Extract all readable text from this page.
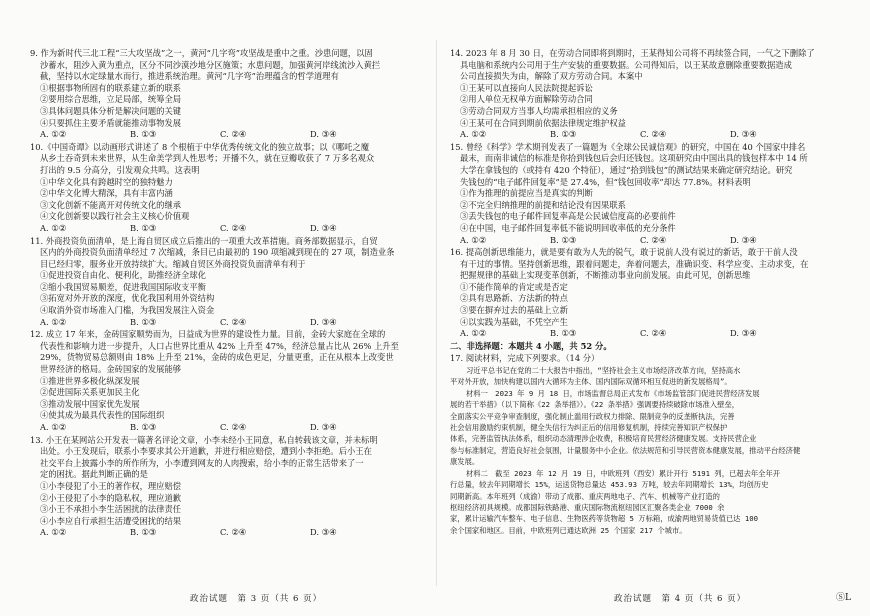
9. 作为新时代三北工程“三大攻坚战”之一，黄河“几字弯”攻坚战是重中之重。沙患问题，以固
沙蓄水，阻沙入黄为重点，区分不同沙漠沙地分区施策；水患问题，加强黄河岸线流沙入黄拦
截，坚持以水定绿量水而行，推进系统治理。黄河“几字弯”治理蕴含的哲学道理有
①根据事物所固有的联系建立新的联系
②要用综合思维，立足局部，统筹全局
③具体问题具体分析是解决问题的关键
④只要抓住主要矛盾就能推动事物发展
A. ①②	B. ①③	C. ②④	D. ③④
10.《中国奇谭》以动画形式讲述了 8 个根植于中华优秀传统文化的独立故事；以《哪吒之魔
从乡土吞奇到未来世界，从生命美学到人性思考；开播不久，就在豆瓣收获了 7 万多名观众
打出的 9.5 分高分，引发观众共鸣。这表明
①中华文化具有跨越时空的独特魅力
②中华文化博大精深，具有丰富内涵
③文化创新不能离开对传统文化的继承
④文化创新要以践行社会主义核心价值观
A. ①②	B. ①③	C. ②④	D. ③④
11. 外商投资负面清单，是上海自贸区成立后推出的一项重大改革措施。商务部数据显示，自贸
区内的外商投资负面清单经过 7 次缩减，条目已由最初的 190 项缩减到现在的 27 项，制造业条
目已经归零，服务业开放持续扩大。缩减自贸区外商投资负面清单有利于
①促进投资自由化、便利化，助推经济全球化
②缩小我国贸易顺差，促进我国国际收支平衡
③拓宽对外开放的深度，优化我国利用外资结构
④取消外资市场准入门槛，为我国发展注入资金
A. ①②	B. ①③	C. ②④	D. ③④
12. 成立 17 年来，金砖国家顺势而为，日益成为世界的建设性力量。目前，金砖大家庭在全球的
代表性和影响力进一步提升，人口占世界比重从 42% 上升至 47%，经济总量占比从 26% 上升至
29%，货物贸易总额则由 18% 上升至 21%，金砖的成色更足，分量更重，正在从根本上改变世
世界经济的格局。金砖国家的发展能够
①推进世界多极化纵深发展
②促进国际关系更加民主化
③推动发展中国家优先发展
④使其成为最具代表性的国际组织
A. ①②	B. ①③	C. ②④	D. ③④
13. 小王在某网站公开发表一篇著名评论文章，小李未经小王同意，私自转载该文章，并未标明
出处。小王发现后，联系小李要求其公开道歉，并进行相应赔偿，遭到小李拒绝。后小王在
社交平台上披露小李的所作所为，小李遭到网友的人肉搜索，给小李的正常生活带来了一
定的困扰。据此判断正确的是
①小李侵犯了小王的著作权，理应赔偿
②小王侵犯了小李的隐私权，理应道歉
③小王不承担小李生活困扰的法律责任
④小李应自行承担生活遭受困扰的结果
A. ①②	B. ①③	C. ②④	D. ③④
14. 2023 年 8 月 30 日，在劳动合同即将到期时，王某得知公司将不再续签合同，一气之下删除了
具电脑和系统内公司用于生产安装的重要数据。公司得知后，以王某故意删除重要数据造成
公司直接损失为由，解除了双方劳动合同。本案中
①王某可以直接向人民法院提起诉讼
②用人单位无权单方面解除劳动合同
③劳动合同双方当事人均需承担相应的义务
④王某可在合同到期前依据法律规定维护权益
A. ①②	B. ①③	C. ②④	D. ③④
15. 曾经《科学》学术期刊发表了一篇题为《全球公民诚信观》的研究，中国在 40 个国家中排名
最末，而南非诚信的标准是你拾到钱包后会归还钱包。这项研究由中国出具的钱包样本中 14 所
大学在拿钱包的（或持有 420 个特征），通过“拾到钱包”的测试结果来确定研究结论。研究
失钱包的“电子邮件回复率”是 27.4%，但“钱包回收率”却达 77.8%。材料表明
①作为推理的前提应当是真实的判断
②不完全归纳推理的前提和结论没有因果联系
③丢失钱包的电子邮件回复率高是公民诚信度高的必要前件
④在中国，电子邮件回复率低不能说明回收率低的充分条件
A. ①②	B. ①③	C. ②④	D. ③④
16. 提高创新思维能力，就是要有敢为人先的锐气，敢于说前人没有说过的新话，敢于干前人没
有干过的事情。坚持创新思维，跟着问题走，奔着问题去，准确识变、科学应变、主动求变，在
把握规律的基础上实现变革创新，不断推动事业向前发展。由此可见，创新思维
①不能作简单的肯定或是否定
②具有思路新、方法新的特点
③要在摒弃过去的基础上立新
④以实践为基础，不凭空产生
A. ①②	B. ①③	C. ②④	D. ③④
二、非选择题：本题共 4 小题，共 52 分。
17. 阅读材料，完成下列要求。（14 分）
习近平总书记在党的二十大报告中指出，“坚持社会主义市场经济改革方向，坚持高水
平对外开放，加快构建以国内大循环为主体、国内国际双循环相互促进的新发展格局”。
材料一　2023 年 9 月 18 日，市场监督总局正式发布《市场监管部门促进民营经济发展
展的若干举措》（以下简称《22 条举措》）。《22 条举措》强调要持续破除市场准入壁垒，
全面落实公平竞争审查制度，强化制止滥用行政权力排除、限制竞争的反垄断执法，完善
社会信用激励约束机制，健全失信行为纠正后的信用修复机制，持续完善知识产权保护
体系，完善监管执法体系，组织动态清理涉企收费，积极培育民营经济健康发展。支持民营企业
参与标准制定，营造良好社会氛围，计量服务中小企业。依法规范和引导民营资本健康发展，推动平台经济健
康发展。
材料二　截至 2023 年 12 月 19 日，中欧班列（西安）累计开行 5191 列，已超去年全年开
行总量，较去年同期增长 15%，运送货物总量达 453.93 万吨，较去年同期增长 13%，均创历史
同期新高。本年班列（成渝）带动了成都、重庆两地电子、汽车、机械等产业打造的
枢纽经济初具规模。成都国际铁路港、重庆国际物流枢纽园区汇聚各类企业 7000 余
家，累计运输汽车整车、电子信息、生物医药等货物超 5 万标箱，成渝两地贸易货值已达 100
余个国家和地区。目前，中欧班列已通达欧洲 25 个国家 217 个城市。
政治试题　第 3 页（共 6 页）	政治试题　第 4 页（共 6 页）	ⓈL
